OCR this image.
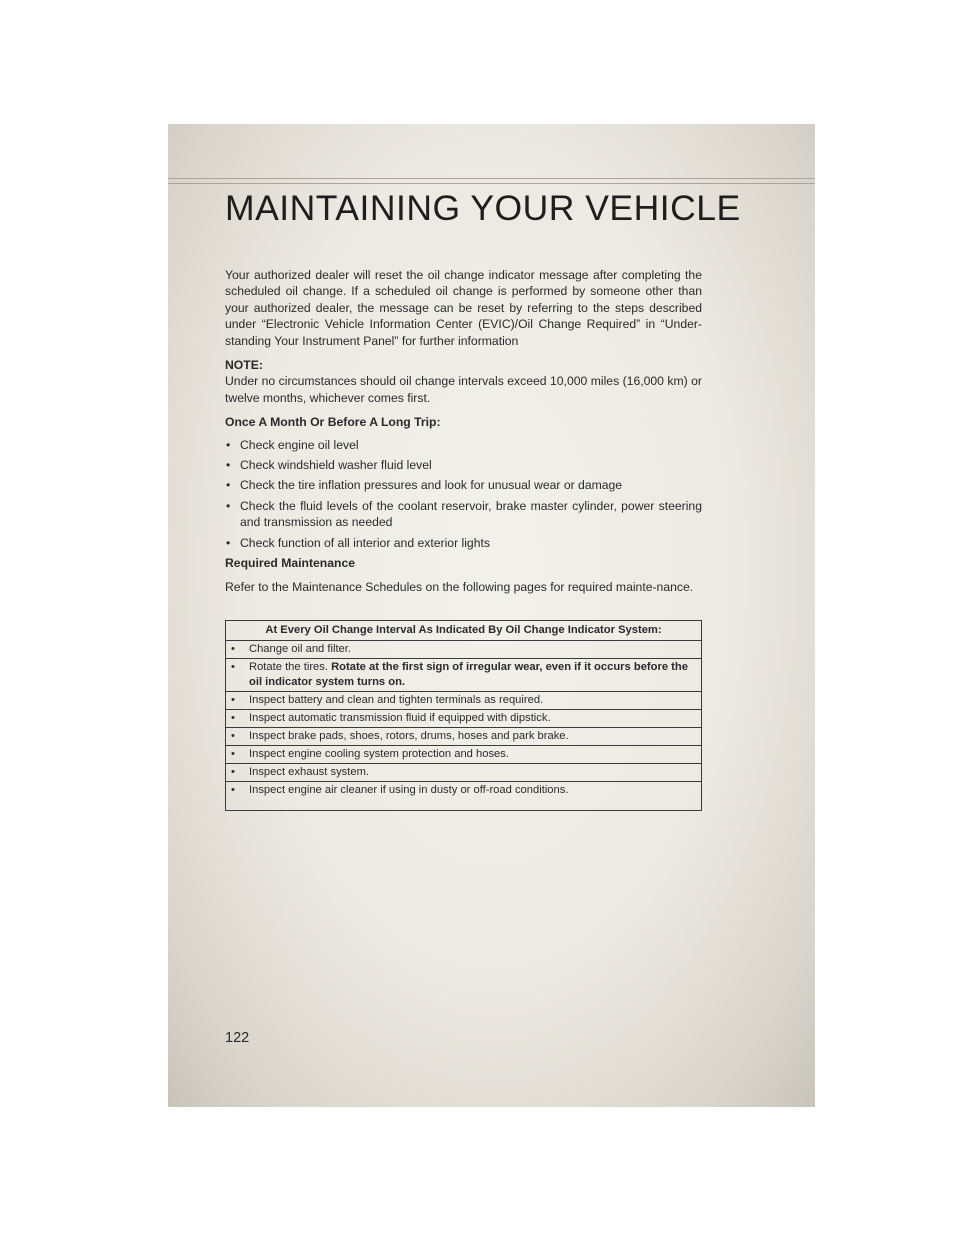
MAINTAINING YOUR VEHICLE

Your authorized dealer will reset the oil change indicator message after completing the scheduled oil change. If a scheduled oil change is performed by someone other than your authorized dealer, the message can be reset by referring to the steps described under “Electronic Vehicle Information Center (EVIC)/Oil Change Required” in “Under-standing Your Instrument Panel” for further information

NOTE:

Under no circumstances should oil change intervals exceed 10,000 miles (16,000 km) or twelve months, whichever comes first.

Once A Month Or Before A Long Trip:
• Check engine oil level
• Check windshield washer fluid level
• Check the tire inflation pressures and look for unusual wear or damage
• Check the fluid levels of the coolant reservoir, brake master cylinder, power steering and transmission as needed
• Check function of all interior and exterior lights
Required Maintenance

Refer to the Maintenance Schedules on the following pages for required mainte-nance.

At Every Oil Change Interval As Indicated By Oil Change Indicator System:

•	Change oil and filter.

•	Rotate the tires. Rotate at the first sign of irregular wear, even if it occurs before the oil indicator system turns on.

•	Inspect battery and clean and tighten terminals as required.

•	Inspect automatic transmission fluid if equipped with dipstick.

•	Inspect brake pads, shoes, rotors, drums, hoses and park brake.

•	Inspect engine cooling system protection and hoses.

•	Inspect exhaust system.

•	Inspect engine air cleaner if using in dusty or off-road conditions.
122
